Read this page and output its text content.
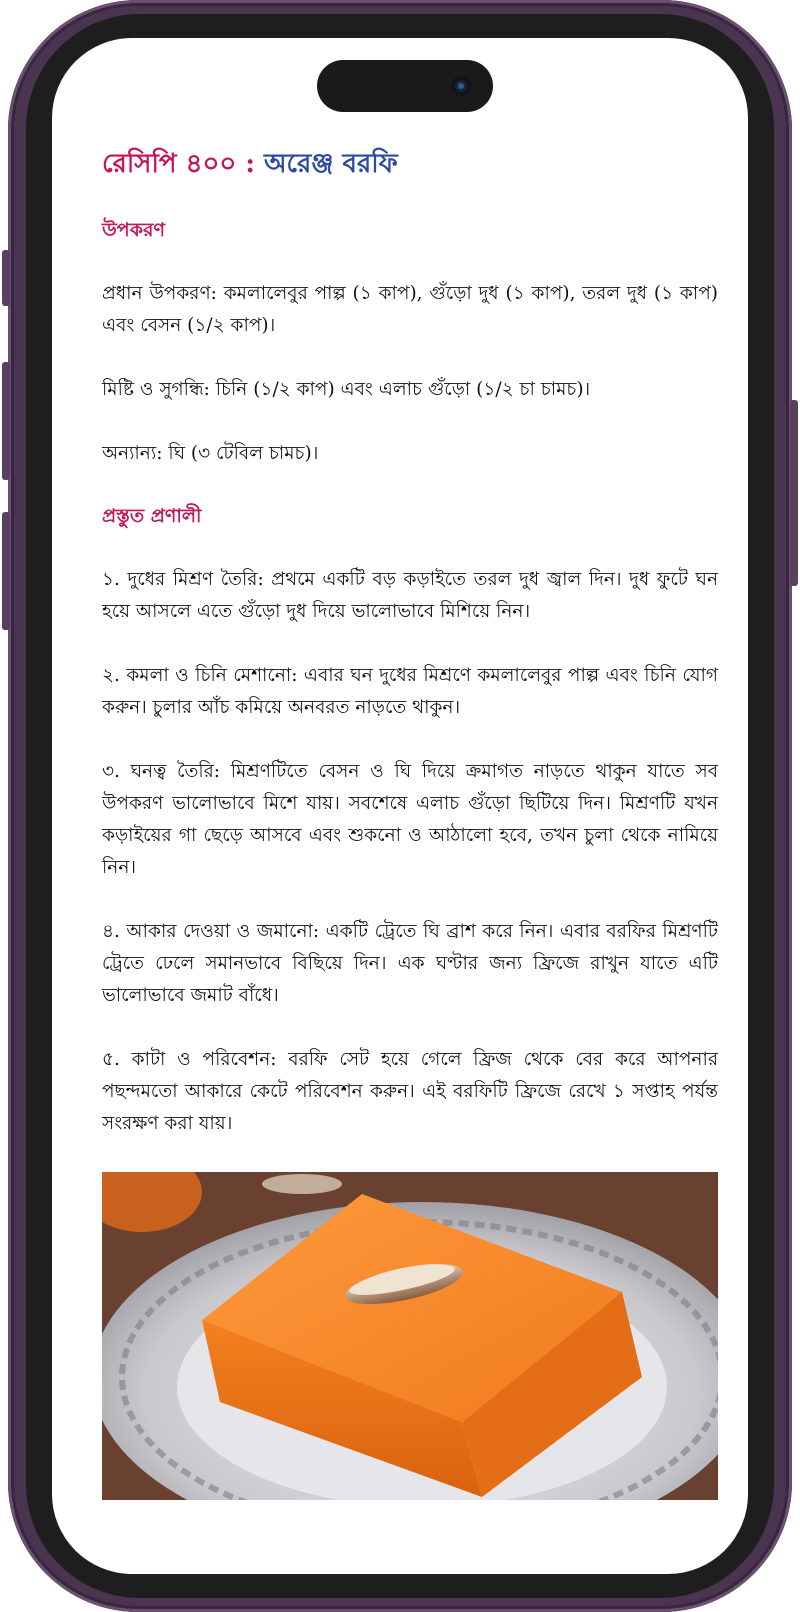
রেসিপি ৪০০ : অরেঞ্জ বরফি
উপকরণ

প্রধান উপকরণ: কমলালেবুর পাল্প (১ কাপ), গুঁড়ো দুধ (১ কাপ), তরল দুধ (১ কাপ) এবং বেসন (১/২ কাপ)।

মিষ্টি ও সুগন্ধি: চিনি (১/২ কাপ) এবং এলাচ গুঁড়ো (১/২ চা চামচ)।

অন্যান্য: ঘি (৩ টেবিল চামচ)।

প্রস্তুত প্রণালী

১. দুধের মিশ্রণ তৈরি: প্রথমে একটি বড় কড়াইতে তরল দুধ জ্বাল দিন। দুধ ফুটে ঘন হয়ে আসলে এতে গুঁড়ো দুধ দিয়ে ভালোভাবে মিশিয়ে নিন।

২. কমলা ও চিনি মেশানো: এবার ঘন দুধের মিশ্রণে কমলালেবুর পাল্প এবং চিনি যোগ করুন। চুলার আঁচ কমিয়ে অনবরত নাড়তে থাকুন।

৩. ঘনত্ব তৈরি: মিশ্রণটিতে বেসন ও ঘি দিয়ে ক্রমাগত নাড়তে থাকুন যাতে সব উপকরণ ভালোভাবে মিশে যায়। সবশেষে এলাচ গুঁড়ো ছিটিয়ে দিন। মিশ্রণটি যখন কড়াইয়ের গা ছেড়ে আসবে এবং শুকনো ও আঠালো হবে, তখন চুলা থেকে নামিয়ে নিন।

৪. আকার দেওয়া ও জমানো: একটি ট্রেতে ঘি ব্রাশ করে নিন। এবার বরফির মিশ্রণটি ট্রেতে ঢেলে সমানভাবে বিছিয়ে দিন। এক ঘণ্টার জন্য ফ্রিজে রাখুন যাতে এটি ভালোভাবে জমাট বাঁধে।

৫. কাটা ও পরিবেশন: বরফি সেট হয়ে গেলে ফ্রিজ থেকে বের করে আপনার পছন্দমতো আকারে কেটে পরিবেশন করুন। এই বরফিটি ফ্রিজে রেখে ১ সপ্তাহ পর্যন্ত সংরক্ষণ করা যায়।
